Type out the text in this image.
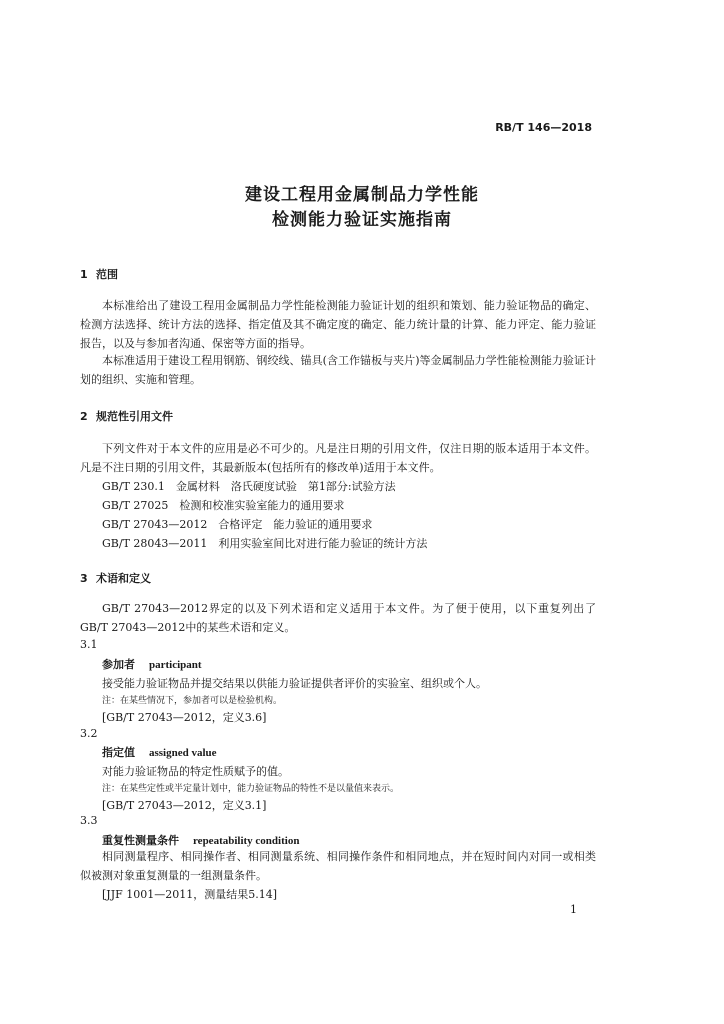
RB/T 146—2018
建设工程用金属制品力学性能
检测能力验证实施指南
1 范围
本标准给出了建设工程用金属制品力学性能检测能力验证计划的组织和策划、能力验证物品的确定、检测方法选择、统计方法的选择、指定值及其不确定度的确定、能力统计量的计算、能力评定、能力验证报告，以及与参加者沟通、保密等方面的指导。
本标准适用于建设工程用钢筋、钢绞线、锚具(含工作锚板与夹片)等金属制品力学性能检测能力验证计划的组织、实施和管理。
2 规范性引用文件
下列文件对于本文件的应用是必不可少的。凡是注日期的引用文件，仅注日期的版本适用于本文件。凡是不注日期的引用文件，其最新版本(包括所有的修改单)适用于本文件。
GB/T 230.1　 金属材料　洛氏硬度试验　第1部分:试验方法
GB/T 27025　 检测和校准实验室能力的通用要求
GB/T 27043—2012　 合格评定　能力验证的通用要求
GB/T 28043—2011　 利用实验室间比对进行能力验证的统计方法
3 术语和定义
GB/T 27043—2012界定的以及下列术语和定义适用于本文件。为了便于使用，以下重复列出了GB/T 27043—2012中的某些术语和定义。
3.1
参加者 participant
接受能力验证物品并提交结果以供能力验证提供者评价的实验室、组织或个人。
注：在某些情况下，参加者可以是检验机构。
[GB/T 27043—2012，定义3.6]
3.2
指定值 assigned value
对能力验证物品的特定性质赋予的值。
注：在某些定性或半定量计划中，能力验证物品的特性不是以量值来表示。
[GB/T 27043—2012，定义3.1]
3.3
重复性测量条件 repeatability condition
相同测量程序、相同操作者、相同测量系统、相同操作条件和相同地点，并在短时间内对同一或相类似被测对象重复测量的一组测量条件。
[JJF 1001—2011，测量结果5.14]
1
